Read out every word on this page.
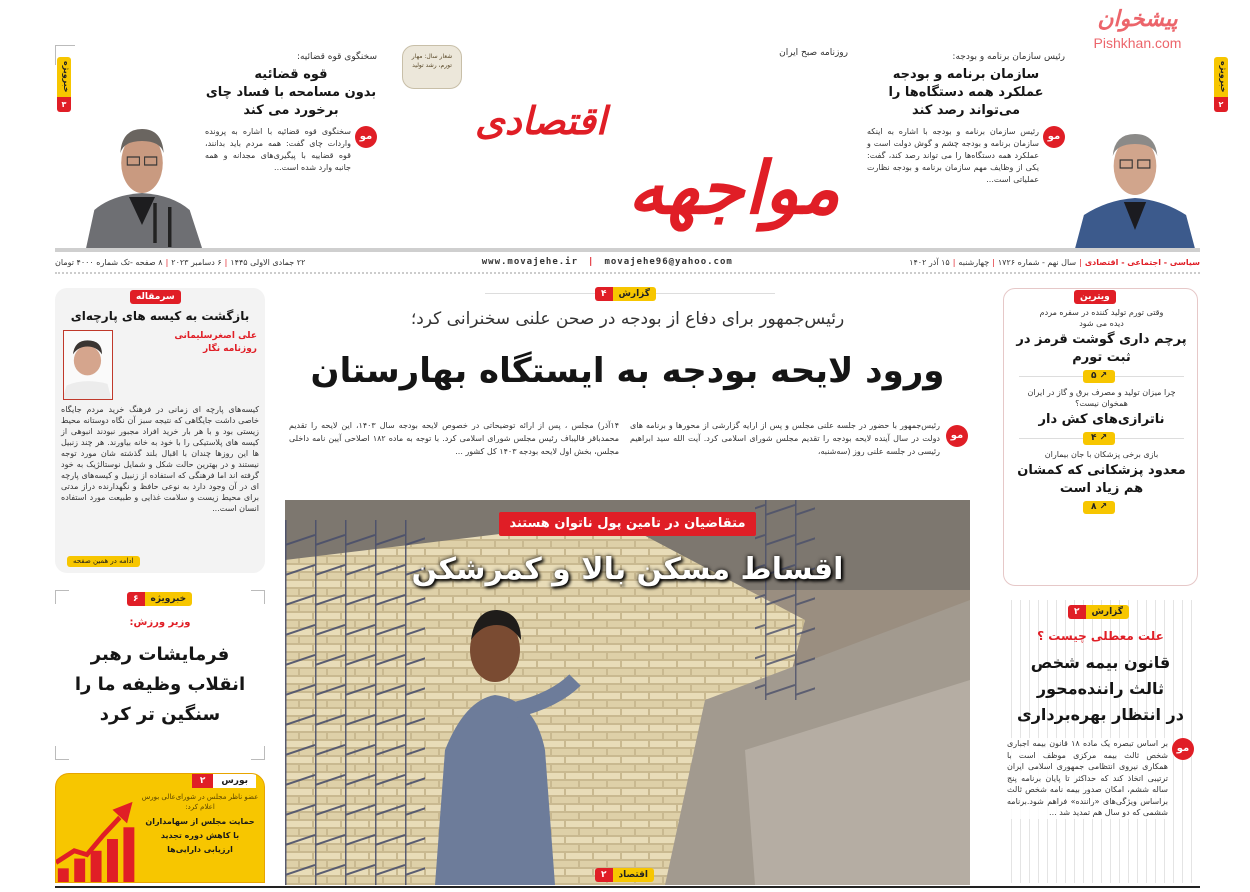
خبرویژه
۳
سخنگوی قوه قضائیه:
قوه قضائیه
بدون مسامحه با فساد چای
برخورد می کند
مو
سخنگوی قوه قضائیه با اشاره به پرونده واردات چای گفت: همه مردم باید بدانند، قوه قضاییه با پیگیری‌های مجدانه و همه جانبه وارد شده است...
روزنامه صبح ایران
شعار سال: مهار تورم، رشد تولید
اقتصادی
مواجهه
خبرویژه
۲
رئیس سازمان برنامه و بودجه:
سازمان برنامه و بودجه
عملکرد همه دستگاه‌ها را
می‌تواند رصد کند
مو
رئیس سازمان برنامه و بودجه با اشاره به اینکه سازمان برنامه و بودجه چشم و گوش دولت است و عملکرد همه دستگاه‌ها را می تواند رصد کند، گفت: یکی از وظایف مهم سازمان برنامه و بودجه نظارت عملیاتی است...
پیشخوان
Pishkhan.com
سیاسی - اجتماعی - اقتصادی
|
سال نهم - شماره ۱۷۲۶
|
چهارشنبه
|
۱۵ آذر ۱۴۰۲
www.movajehe.ir | movajehe96@yahoo.com
۲۲ جمادی الاولی ۱۴۴۵
|
۶ دسامبر ۲۰۲۳
|
۸ صفحه -تک شماره ۴۰۰۰ تومان
سرمقاله
بازگشت به کیسه های پارچه‌ای
علی اصغرسلیمانی
روزنامه نگار
کیسه‌های پارچه ای زمانی در فرهنگ خرید مردم جایگاه خاصی داشت جایگاهی که نتیجه سبز آن نگاه دوستانه محیط زیستی بود و با هر بار خرید افراد مجبور نبودند انبوهی از کیسه های پلاستیکی را با خود به خانه بیاورند. هر چند زنبیل ها این روزها چندان با اقبال بلند گذشته شان مورد توجه نیستند و در بهترین حالت شکل و شمایل نوستالژیک به خود گرفته اند اما فرهنگی که استفاده از زنبیل و کیسه‌های پارچه ای در آن وجود دارد به نوعی حافظ و نگهدارنده دراز مدتی برای محیط زیست و سلامت غذایی و طبیعت مورد استفاده انسان است...
ادامه در همین صفحه
خبرویژه
۶
وزیر ورزش:
فرمایشات رهبر
انقلاب وظیفه ما را
سنگین تر کرد
بورس
۲
عضو ناظر مجلس در شورای‌عالی بورس اعلام کرد:
حمایت مجلس از سهامداران
با کاهش دوره تجدید
ارزیابی دارایی‌ها
گزارش
۴
رئیس‌جمهور برای دفاع از بودجه در صحن علنی سخنرانی کرد؛
ورود لایحه بودجه به ایستگاه بهارستان
مو
رئیس‌جمهور با حضور در جلسه علنی مجلس و پس از ارایه گزارشی از محورها و برنامه های دولت در سال آینده لایحه بودجه را تقدیم مجلس شورای اسلامی کرد. آیت الله سید ابراهیم رئیسی در جلسه علنی روز (سه‌شنبه،
۱۴آذر) مجلس ، پس از ارائه توضیحاتی در خصوص لایحه بودجه سال ۱۴۰۳، این لایحه را تقدیم محمدباقر قالیباف رئیس مجلس شورای اسلامی کرد. با توجه به ماده ۱۸۲ اصلاحی آیین نامه داخلی مجلس، بخش اول لایحه بودجه ۱۴۰۳ کل کشور ...
متقاضیان در تامین پول ناتوان هستند
اقساط مسکن بالا و کمرشکن
اقتصاد
۲
ویترین
وقتی تورم تولید کننده در سفره مردم دیده می شود
پرچم داری گوشت قرمز در ثبت تورم
↗ ۵
چرا میزان تولید و مصرف برق و گاز در ایران همخوان نیست؟
ناترازی‌های کش دار
↗ ۴
بازی برخی پزشکان با جان بیماران
معدود پزشکانی که کمشان هم زیاد است
↗ ۸
گزارش
۲
علت معطلی چیست ؟
قانون بیمه شخص
ثالث راننده‌محور
در انتظار بهره‌برداری
مو
بر اساس تبصره یک ماده ۱۸ قانون بیمه اجباری شخص ثالث بیمه مرکزی موظف است با همکاری نیروی انتظامی جمهوری اسلامی ایران ترتیبی اتخاذ کند که حداکثر تا پایان برنامه پنج ساله ششم، امکان صدور بیمه نامه شخص ثالث براساس ویژگی‌های «راننده» فراهم شود.برنامه ششمی که دو سال هم تمدید شد ...
